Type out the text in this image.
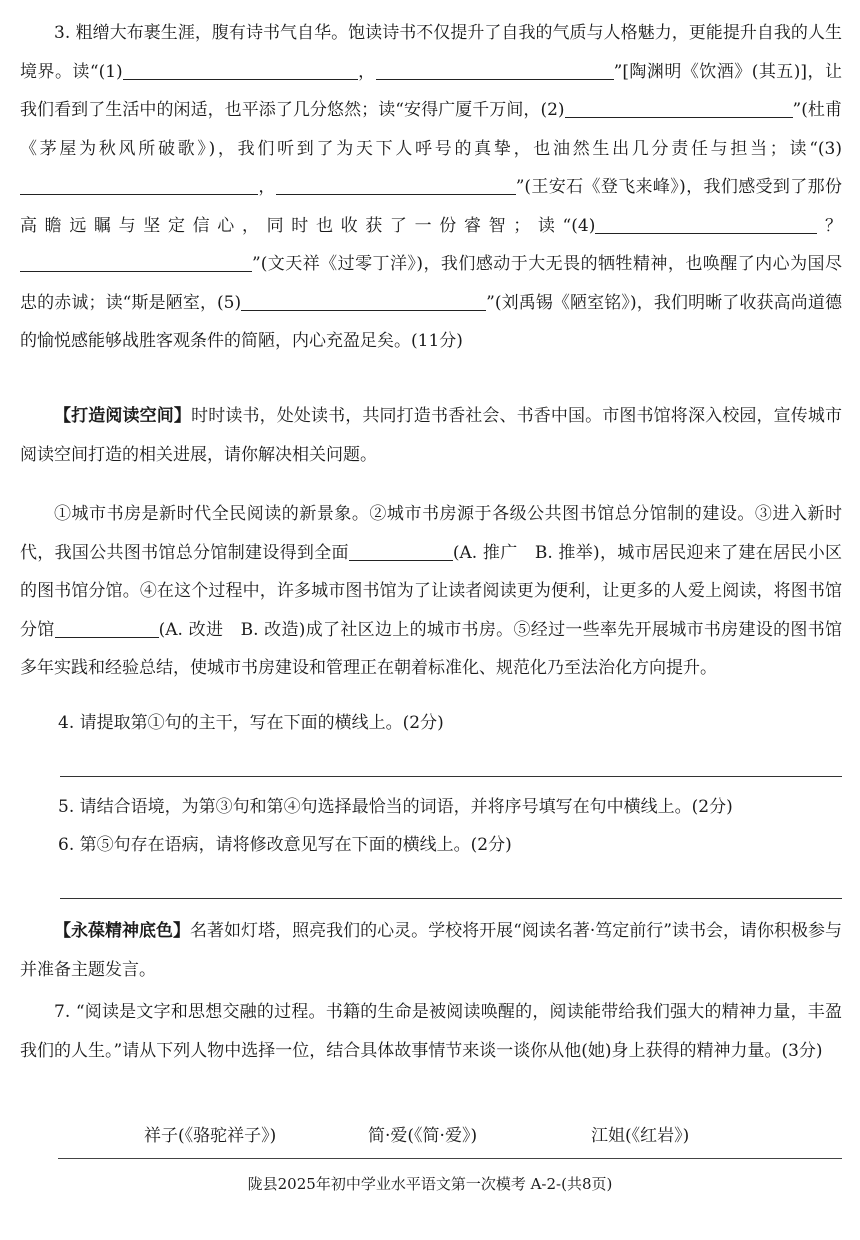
3. 粗缯大布裹生涯，腹有诗书气自华。饱读诗书不仅提升了自我的气质与人格魅力，更能提升自我的人生境界。读“(1)	，	”[陶渊明《饮酒》(其五)]，让我们看到了生活中的闲适，也平添了几分悠然；读“安得广厦千万间，(2)	”(杜甫《茅屋为秋风所破歌》)，我们听到了为天下人呼号的真挚，也油然生出几分责任与担当；读“(3)，	”(王安石《登飞来峰》)，我们感受到了那份高瞻远瞩与坚定信心，同时也收获了一份睿智；读“(4)	？”(文天祥《过零丁洋》)，我们感动于大无畏的牺牲精神，也唤醒了内心为国尽忠的赤诚；读“斯是陋室，(5)	”(刘禹锡《陋室铭》)，我们明晰了收获高尚道德的愉悦感能够战胜客观条件的简陋，内心充盈足矣。(11分)

【打造阅读空间】时时读书，处处读书，共同打造书香社会、书香中国。市图书馆将深入校园，宣传城市阅读空间打造的相关进展，请你解决相关问题。

①城市书房是新时代全民阅读的新景象。②城市书房源于各级公共图书馆总分馆制的建设。③进入新时代，我国公共图书馆总分馆制建设得到全面	(A. 推广　B. 推举)，城市居民迎来了建在居民小区的图书馆分馆。④在这个过程中，许多城市图书馆为了让读者阅读更为便利，让更多的人爱上阅读，将图书馆分馆	(A. 改进　B. 改造)成了社区边上的城市书房。⑤经过一些率先开展城市书房建设的图书馆多年实践和经验总结，使城市书房建设和管理正在朝着标准化、规范化乃至法治化方向提升。

4. 请提取第①句的主干，写在下面的横线上。(2分)

5. 请结合语境，为第③句和第④句选择最恰当的词语，并将序号填写在句中横线上。(2分)

6. 第⑤句存在语病，请将修改意见写在下面的横线上。(2分)

【永葆精神底色】名著如灯塔，照亮我们的心灵。学校将开展“阅读名著·笃定前行”读书会，请你积极参与并准备主题发言。

7. “阅读是文字和思想交融的过程。书籍的生命是被阅读唤醒的，阅读能带给我们强大的精神力量，丰盈我们的人生。”请从下列人物中选择一位，结合具体故事情节来谈一谈你从他(她)身上获得的精神力量。(3分)

祥子(《骆驼祥子》)	简·爱(《简·爱》)	江姐(《红岩》)
陇县2025年初中学业水平语文第一次模考 A-2-(共8页)
